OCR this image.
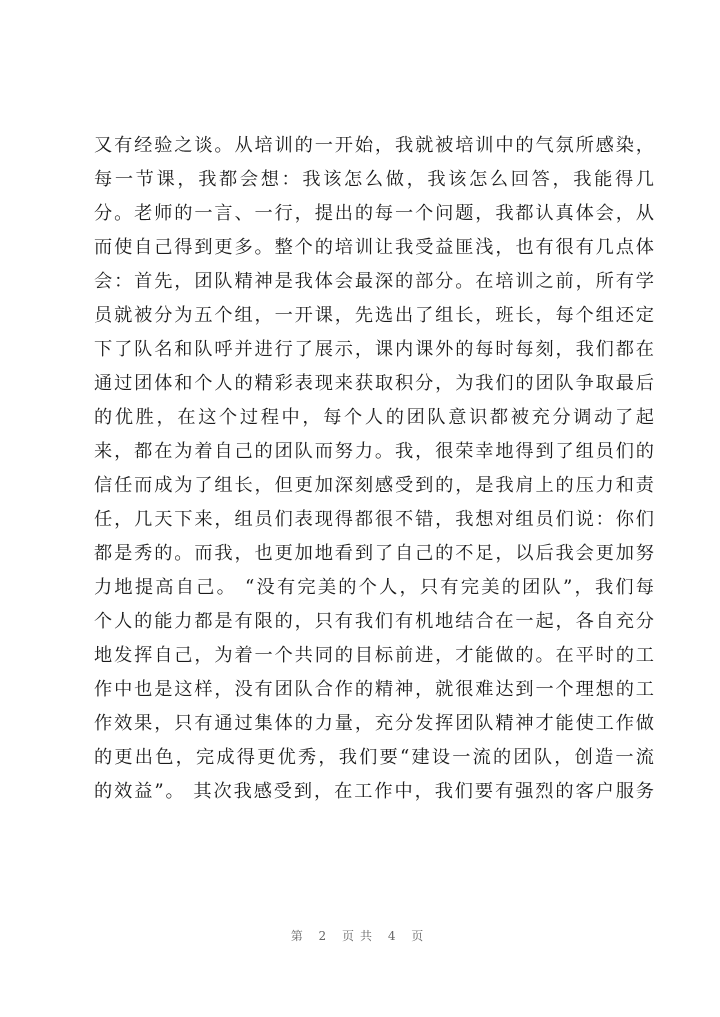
又有经验之谈。从培训的一开始，我就被培训中的气氛所感染，
每一节课，我都会想：我该怎么做，我该怎么回答，我能得几
分。老师的一言、一行，提出的每一个问题，我都认真体会，从
而使自己得到更多。整个的培训让我受益匪浅，也有很有几点体
会：首先，团队精神是我体会最深的部分。在培训之前，所有学
员就被分为五个组，一开课，先选出了组长，班长，每个组还定
下了队名和队呼并进行了展示，课内课外的每时每刻，我们都在
通过团体和个人的精彩表现来获取积分，为我们的团队争取最后
的优胜，在这个过程中，每个人的团队意识都被充分调动了起
来，都在为着自己的团队而努力。我，很荣幸地得到了组员们的
信任而成为了组长，但更加深刻感受到的，是我肩上的压力和责
任，几天下来，组员们表现得都很不错，我想对组员们说：你们
都是秀的。而我，也更加地看到了自己的不足，以后我会更加努
力地提高自己。 “没有完美的个人，只有完美的团队”，我们每
个人的能力都是有限的，只有我们有机地结合在一起，各自充分
地发挥自己，为着一个共同的目标前进，才能做的。在平时的工
作中也是这样，没有团队合作的精神，就很难达到一个理想的工
作效果，只有通过集体的力量，充分发挥团队精神才能使工作做
的更出色，完成得更优秀，我们要“建设一流的团队，创造一流
的效益”。 其次我感受到，在工作中，我们要有强烈的客户服务
第 2 页共 4 页
